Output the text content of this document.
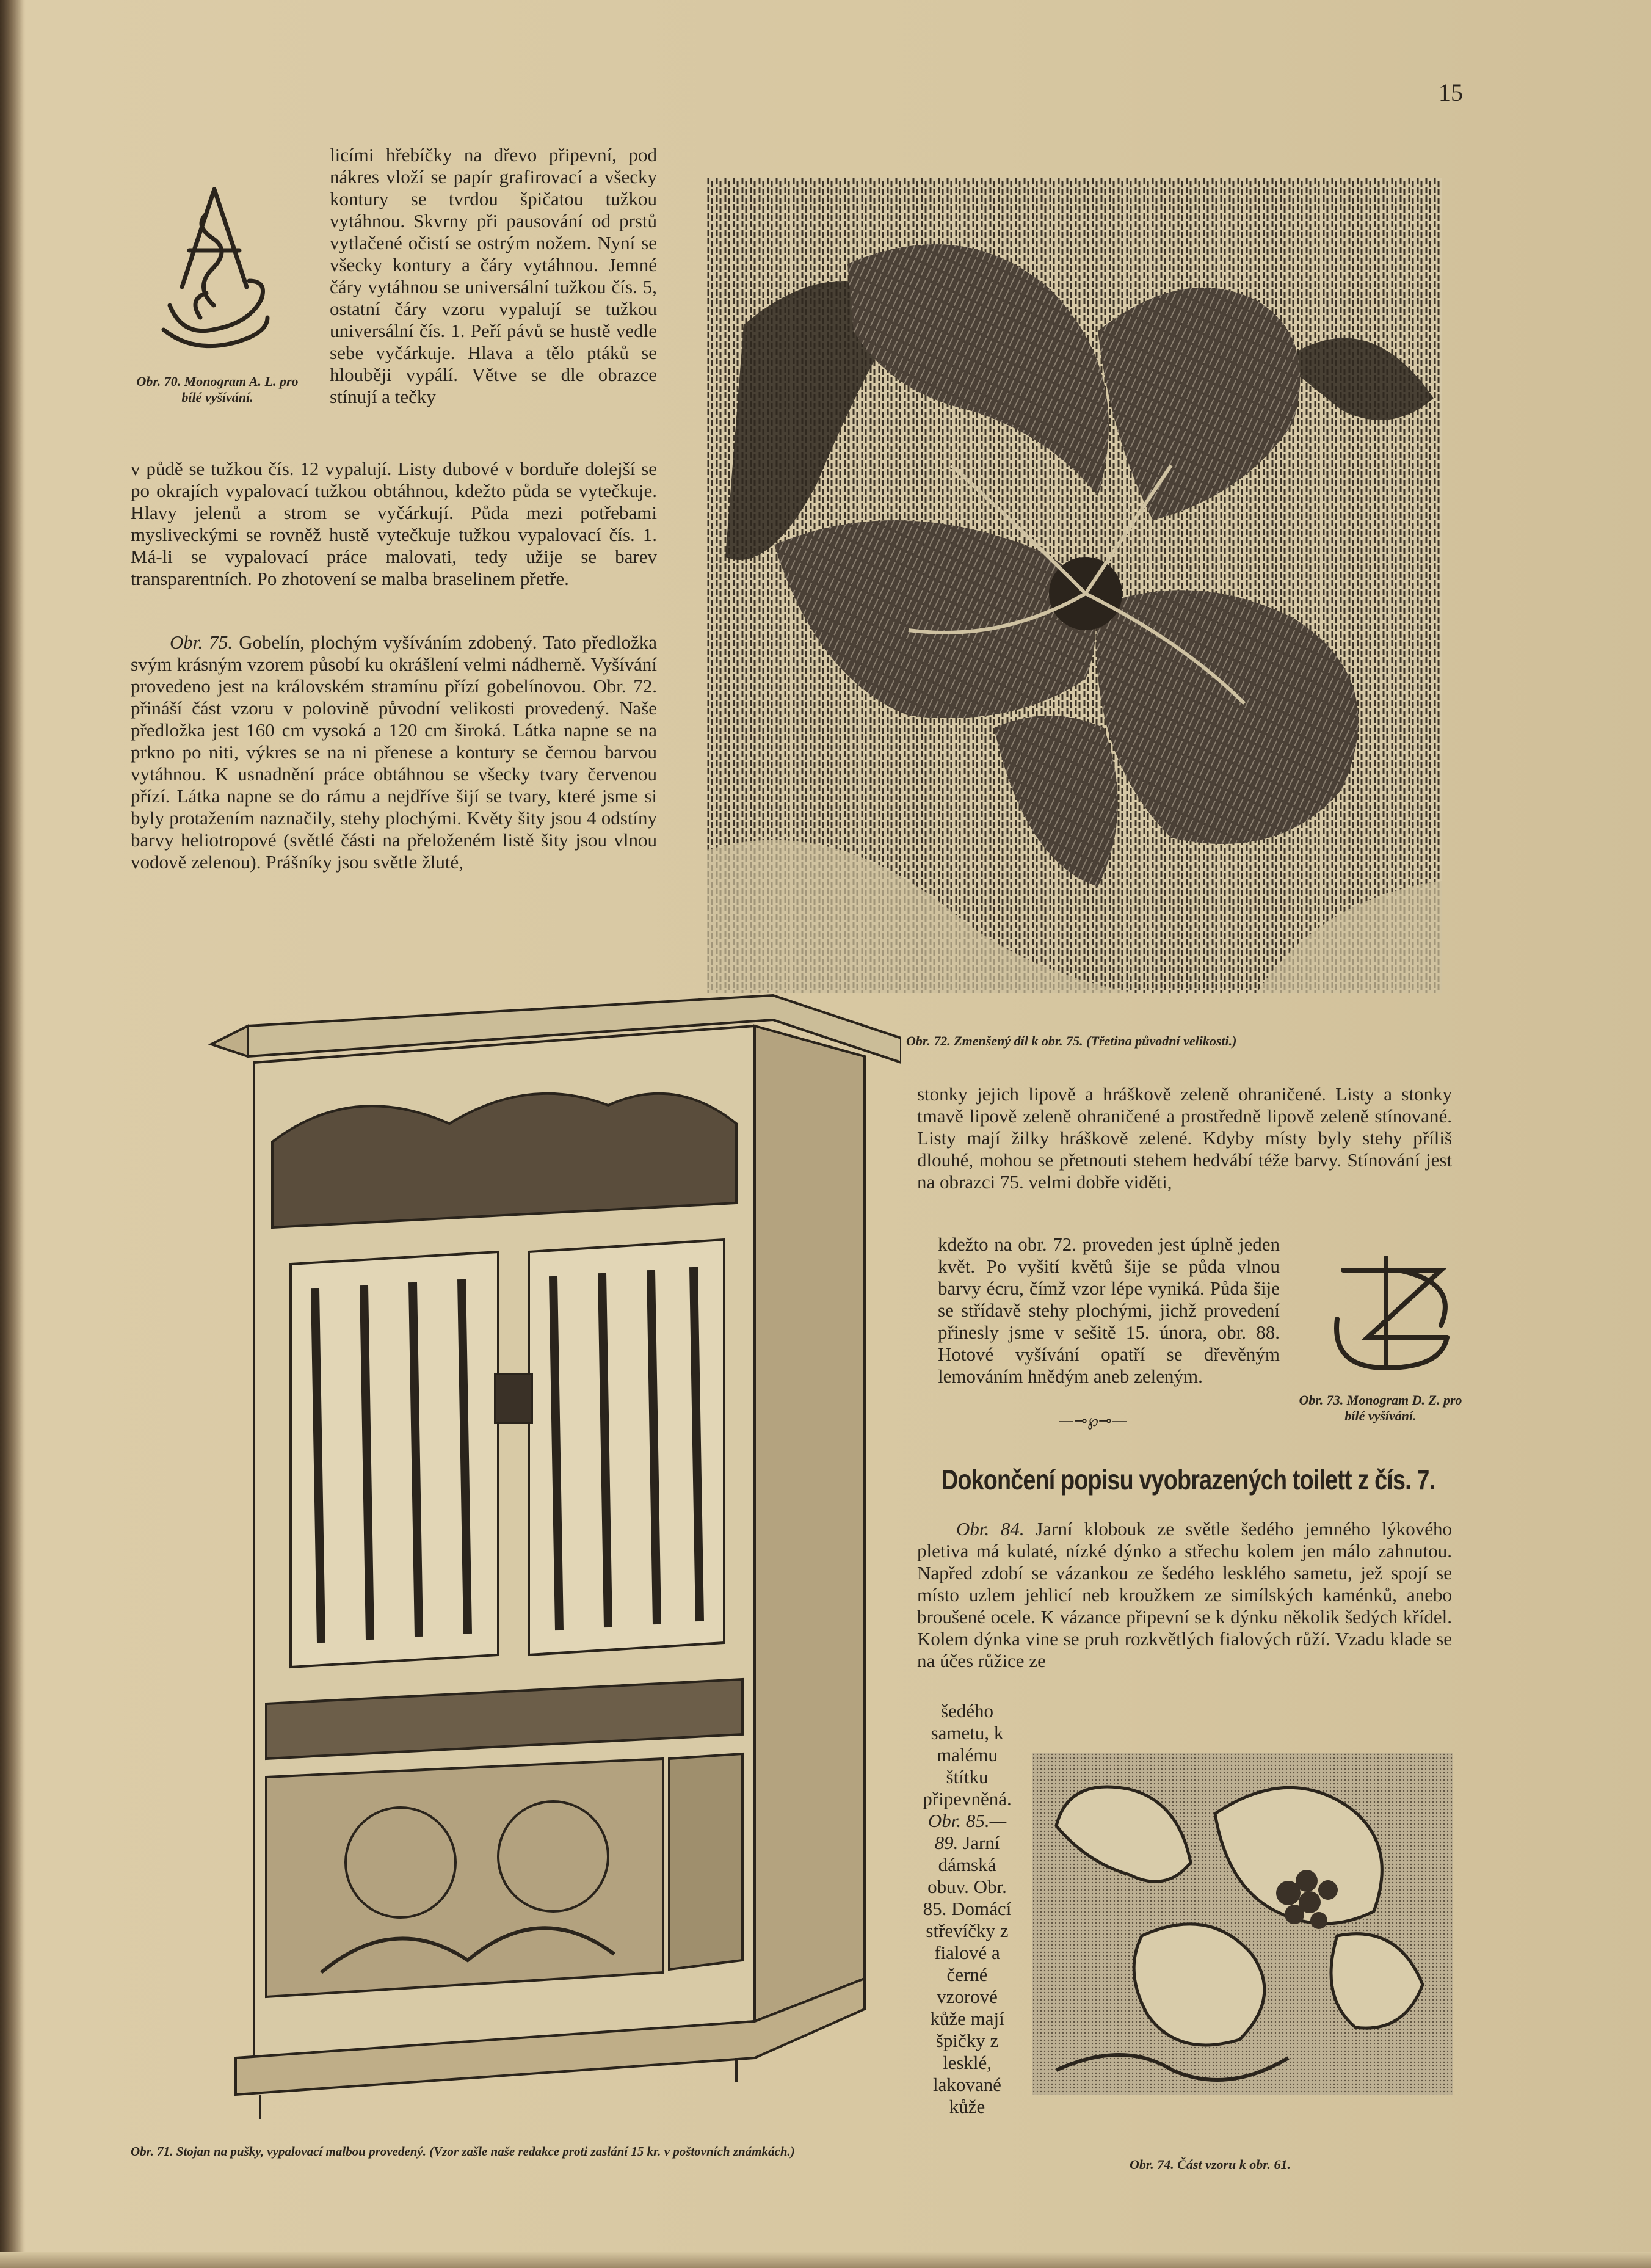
15
Obr. 70. Monogram A. L. pro bílé vyšívání.
licími hřebíčky na dřevo připevní, pod nákres vloží se papír grafirovací a všecky kontury se tvrdou špičatou tužkou vytáhnou. Skvrny při pausování od prstů vytlačené očistí se ostrým nožem. Nyní se všecky kontury a čáry vytáhnou. Jemné čáry vytáhnou se universální tužkou čís. 5, ostatní čáry vzoru vypalují se tužkou universální čís. 1. Peří pávů se hustě vedle sebe vyčárkuje. Hlava a tělo ptáků se hlouběji vypálí. Větve se dle obrazce stínují a tečky
v půdě se tužkou čís. 12 vypalují. Listy dubové v borduře dolejší se po okrajích vypalovací tužkou obtáhnou, kdežto půda se vytečkuje. Hlavy jelenů a strom se vyčárkují. Půda mezi potřebami mysliveckými se rovněž hustě vytečkuje tužkou vypalovací čís. 1. Má-li se vypalovací práce malovati, tedy užije se barev transparentních. Po zhotovení se malba braselinem přetře.
Obr. 75. Gobelín, plochým vyšíváním zdobený. Tato předložka svým krásným vzorem působí ku okrášlení velmi nádherně. Vyšívání provedeno jest na královském stramínu přízí gobelínovou. Obr. 72. přináší část vzoru v polovině původní velikosti provedený. Naše předložka jest 160 cm vysoká a 120 cm široká. Látka napne se na prkno po niti, výkres se na ni přenese a kontury se černou barvou vytáhnou. K usnadnění práce obtáhnou se všecky tvary červenou přízí. Látka napne se do rámu a nejdříve šijí se tvary, které jsme si byly protažením naznačily, stehy plochými. Květy šity jsou 4 odstíny barvy heliotropové (světlé části na přeloženém listě šity jsou vlnou vodově zelenou). Prášníky jsou světle žluté,
Obr. 72. Zmenšený díl k obr. 75. (Třetina původní velikosti.)
Obr. 71. Stojan na pušky, vypalovací malbou provedený. (Vzor zašle naše redakce proti zaslání 15 kr. v poštovních známkách.)
stonky jejich lipově a hráškově zeleně ohraničené. Listy a stonky tmavě lipově zeleně ohraničené a prostředně lipově zeleně stínované. Listy mají žilky hráškově zelené. Kdyby místy byly stehy příliš dlouhé, mohou se přetnouti stehem hedvábí téže barvy. Stínování jest na obrazci 75. velmi dobře viděti,
kdežto na obr. 72. proveden jest úplně jeden květ. Po vyšití květů šije se půda vlnou barvy écru, čímž vzor lépe vyniká. Půda šije se střídavě stehy plochými, jichž provedení přinesly jsme v sešitě 15. února, obr. 88. Hotové vyšívání opatří se dřevěným lemováním hnědým aneb zeleným.
Obr. 73. Monogram D. Z. pro bílé vyšívání.
—⊸℘⊸—
Dokončení popisu vyobrazených toilett z čís. 7.
Obr. 84. Jarní klobouk ze světle šedého jemného lýkového pletiva má kulaté, nízké dýnko a střechu kolem jen málo zahnutou. Napřed zdobí se vázankou ze šedého lesklého sametu, jež spojí se místo uzlem jehlicí neb kroužkem ze simílských kaménků, anebo broušené ocele. K vázance připevní se k dýnku několik šedých křídel. Kolem dýnka vine se pruh rozkvětlých fialových růží. Vzadu klade se na účes růžice ze
šedého sametu, k malému štítku připevněná. Obr. 85.—89. Jarní dámská obuv. Obr. 85. Domácí střevíčky z fialové a černé vzorové kůže mají špičky z lesklé, lakované kůže
Obr. 74. Část vzoru k obr. 61.
